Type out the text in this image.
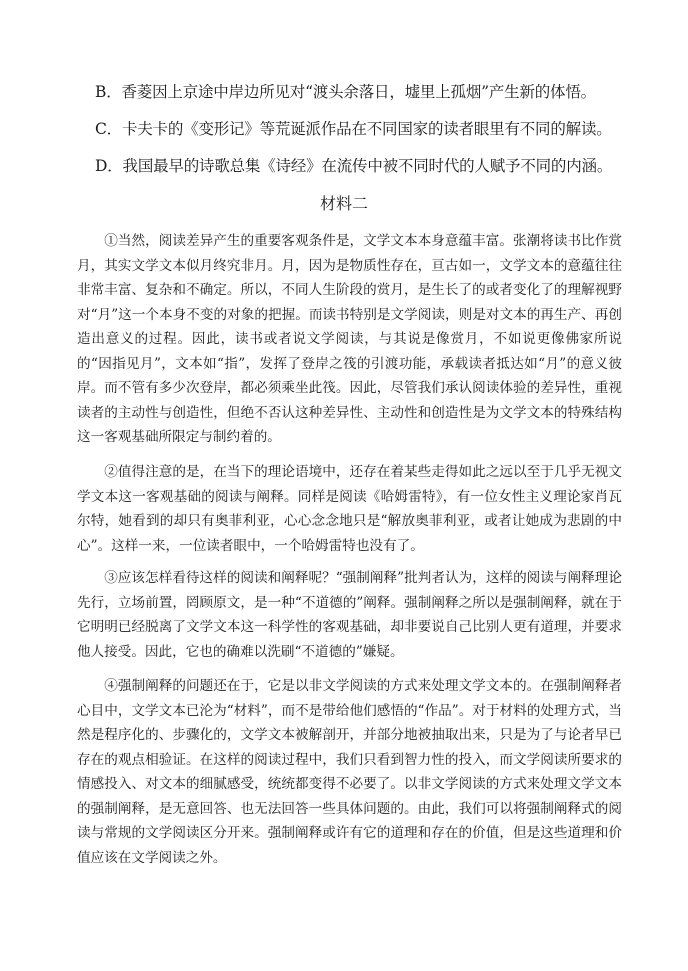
B．香菱因上京途中岸边所见对“渡头余落日，墟里上孤烟”产生新的体悟。
C．卡夫卡的《变形记》等荒诞派作品在不同国家的读者眼里有不同的解读。
D．我国最早的诗歌总集《诗经》在流传中被不同时代的人赋予不同的内涵。
材料二

①当然，阅读差异产生的重要客观条件是，文学文本本身意蕴丰富。张潮将读书比作赏月，其实文学文本似月终究非月。月，因为是物质性存在，亘古如一，文学文本的意蕴往往非常丰富、复杂和不确定。所以，不同人生阶段的赏月，是生长了的或者变化了的理解视野对“月”这一个本身不变的对象的把握。而读书特别是文学阅读，则是对文本的再生产、再创造出意义的过程。因此，读书或者说文学阅读，与其说是像赏月，不如说更像佛家所说的“因指见月”，文本如“指”，发挥了登岸之筏的引渡功能，承载读者抵达如“月”的意义彼岸。而不管有多少次登岸，都必须乘坐此筏。因此，尽管我们承认阅读体验的差异性，重视读者的主动性与创造性，但绝不否认这种差异性、主动性和创造性是为文学文本的特殊结构这一客观基础所限定与制约着的。

②值得注意的是，在当下的理论语境中，还存在着某些走得如此之远以至于几乎无视文学文本这一客观基础的阅读与阐释。同样是阅读《哈姆雷特》，有一位女性主义理论家肖瓦尔特，她看到的却只有奥菲利亚，心心念念地只是“解放奥菲利亚，或者让她成为悲剧的中心”。这样一来，一位读者眼中，一个哈姆雷特也没有了。

③应该怎样看待这样的阅读和阐释呢？“强制阐释”批判者认为，这样的阅读与阐释理论先行，立场前置，罔顾原文，是一种“不道德的”阐释。强制阐释之所以是强制阐释，就在于它明明已经脱离了文学文本这一科学性的客观基础，却非要说自己比别人更有道理，并要求他人接受。因此，它也的确难以洗刷“不道德的”嫌疑。

④强制阐释的问题还在于，它是以非文学阅读的方式来处理文学文本的。在强制阐释者心目中，文学文本已沦为“材料”，而不是带给他们感悟的“作品”。对于材料的处理方式，当然是程序化的、步骤化的，文学文本被解剖开，并部分地被抽取出来，只是为了与论者早已存在的观点相验证。在这样的阅读过程中，我们只看到智力性的投入，而文学阅读所要求的情感投入、对文本的细腻感受，统统都变得不必要了。以非文学阅读的方式来处理文学文本的强制阐释，是无意回答、也无法回答一些具体问题的。由此，我们可以将强制阐释式的阅读与常规的文学阅读区分开来。强制阐释或许有它的道理和存在的价值，但是这些道理和价值应该在文学阅读之外。
